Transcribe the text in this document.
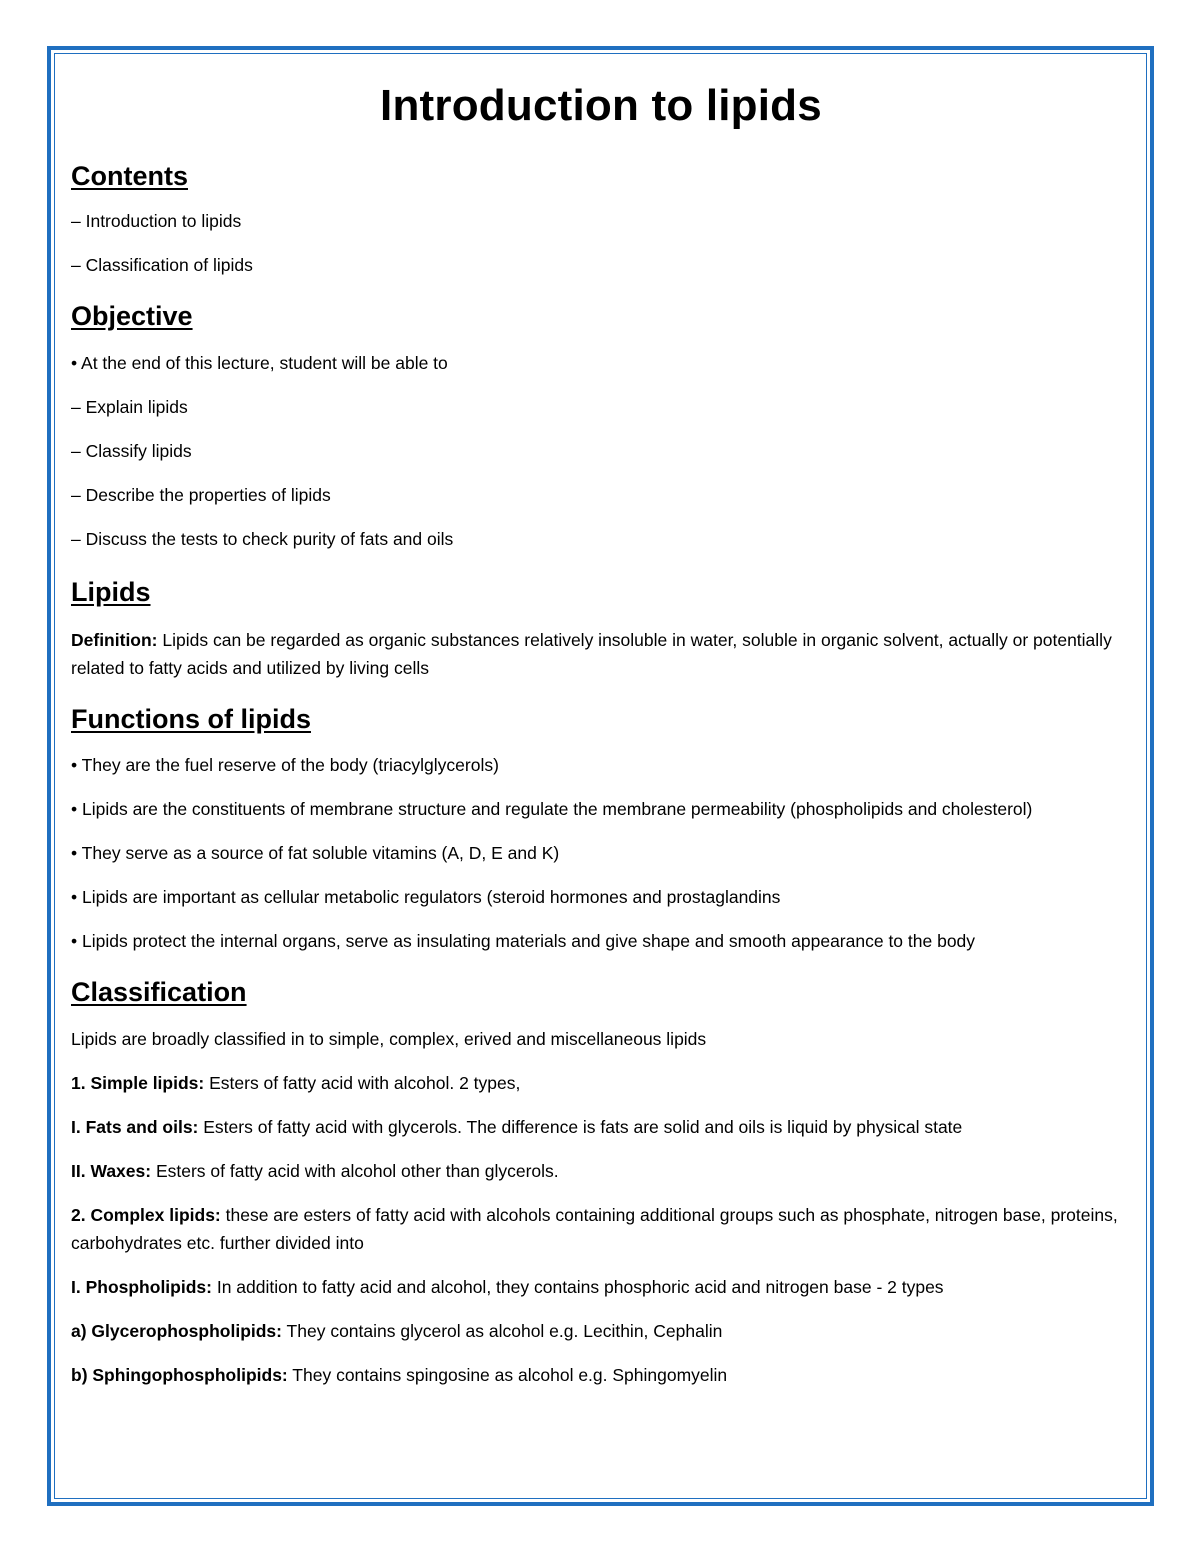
Introduction to lipids
Contents

– Introduction to lipids

– Classification of lipids

Objective

• At the end of this lecture, student will be able to

– Explain lipids

– Classify lipids

– Describe the properties of lipids

– Discuss the tests to check purity of fats and oils

Lipids

Definition: Lipids can be regarded as organic substances relatively insoluble in water, soluble in organic solvent, actually or potentially related to fatty acids and utilized by living cells

Functions of lipids

• They are the fuel reserve of the body (triacylglycerols)

• Lipids are the constituents of membrane structure and regulate the membrane permeability (phospholipids and cholesterol)

• They serve as a source of fat soluble vitamins (A, D, E and K)

• Lipids are important as cellular metabolic regulators (steroid hormones and prostaglandins

• Lipids protect the internal organs, serve as insulating materials and give shape and smooth appearance to the body

Classification

Lipids are broadly classified in to simple, complex, erived and miscellaneous lipids

1. Simple lipids: Esters of fatty acid with alcohol. 2 types,

I. Fats and oils: Esters of fatty acid with glycerols. The difference is fats are solid and oils is liquid by physical state

II. Waxes: Esters of fatty acid with alcohol other than glycerols.

2. Complex lipids: these are esters of fatty acid with alcohols containing additional groups such as phosphate, nitrogen base, proteins, carbohydrates etc. further divided into

I. Phospholipids: In addition to fatty acid and alcohol, they contains phosphoric acid and nitrogen base - 2 types

a) Glycerophospholipids: They contains glycerol as alcohol e.g. Lecithin, Cephalin

b) Sphingophospholipids: They contains spingosine as alcohol e.g. Sphingomyelin
